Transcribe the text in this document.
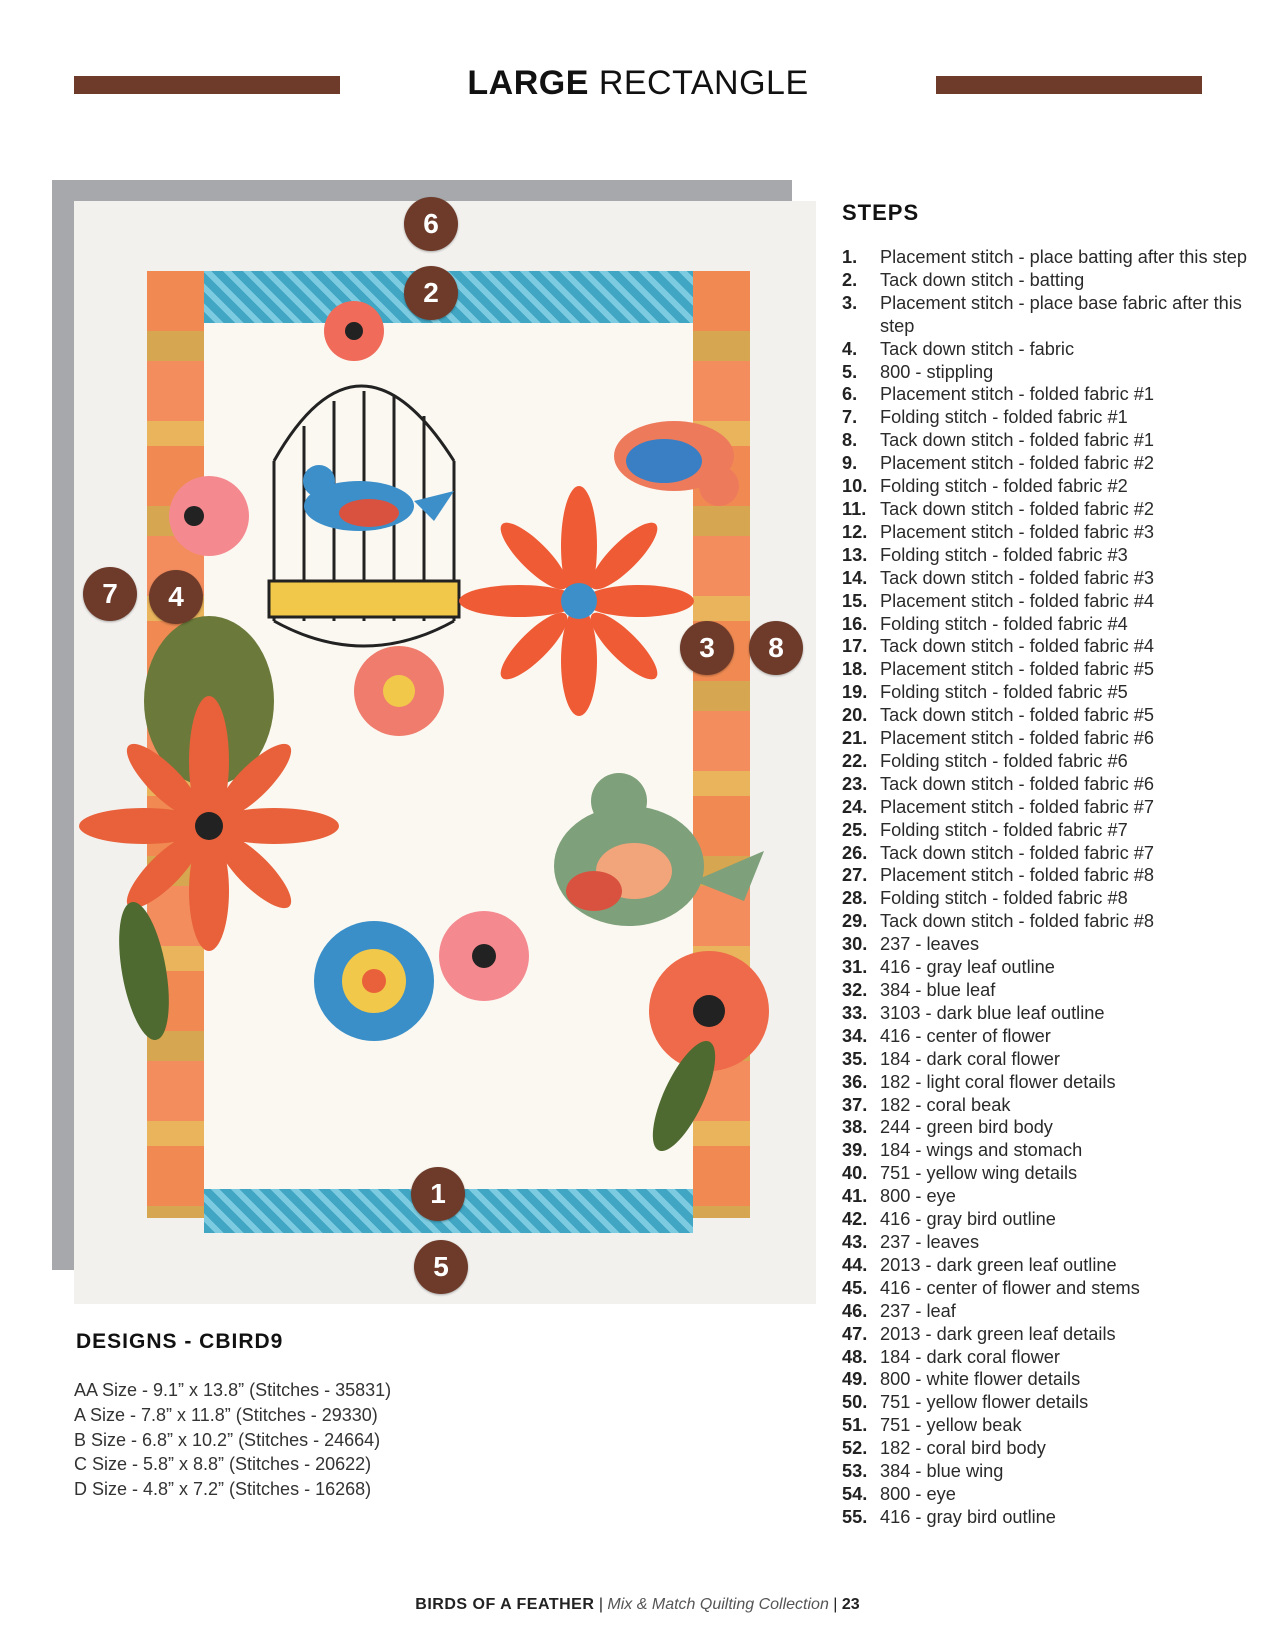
LARGE RECTANGLE
6
2
7	4
3	8
1
5
STEPS
1. Placement stitch - place batting after this step
2. Tack down stitch - batting
3. Placement stitch - place base fabric after this step
4. Tack down stitch - fabric
5. 800 - stippling
6. Placement stitch - folded fabric #1
7. Folding stitch - folded fabric #1
8. Tack down stitch - folded fabric #1
9. Placement stitch - folded fabric #2
10. Folding stitch - folded fabric #2
11. Tack down stitch - folded fabric #2
12. Placement stitch - folded fabric #3
13. Folding stitch - folded fabric #3
14. Tack down stitch - folded fabric #3
15. Placement stitch - folded fabric #4
16. Folding stitch - folded fabric #4
17. Tack down stitch - folded fabric #4
18. Placement stitch - folded fabric #5
19. Folding stitch - folded fabric #5
20. Tack down stitch - folded fabric #5
21. Placement stitch - folded fabric #6
22. Folding stitch - folded fabric #6
23. Tack down stitch - folded fabric #6
24. Placement stitch - folded fabric #7
25. Folding stitch - folded fabric #7
26. Tack down stitch - folded fabric #7
27. Placement stitch - folded fabric #8
28. Folding stitch - folded fabric #8
29. Tack down stitch - folded fabric #8
30. 237 - leaves
31. 416 - gray leaf outline
32. 384 - blue leaf
33. 3103 - dark blue leaf outline
34. 416 - center of flower
35. 184 - dark coral flower
36. 182 - light coral flower details
37. 182 - coral beak
38. 244 - green bird body
39. 184 - wings and stomach
40. 751 - yellow wing details
41. 800 - eye
42. 416 - gray bird outline
43. 237 - leaves
44. 2013 - dark green leaf outline
45. 416 - center of flower and stems
46. 237 - leaf
47. 2013 - dark green leaf details
48. 184 - dark coral flower
49. 800 - white flower details
50. 751 - yellow flower details
51. 751 - yellow beak
52. 182 - coral bird body
53. 384 - blue wing
54. 800 - eye
55. 416 - gray bird outline
DESIGNS - CBIRD9
AA Size - 9.1” x 13.8” (Stitches - 35831)
A Size - 7.8” x 11.8” (Stitches - 29330)
B Size - 6.8” x 10.2” (Stitches - 24664)
C Size - 5.8” x 8.8” (Stitches - 20622)
D Size - 4.8” x 7.2” (Stitches - 16268)
BIRDS OF A FEATHER | Mix & Match Quilting Collection | 23
